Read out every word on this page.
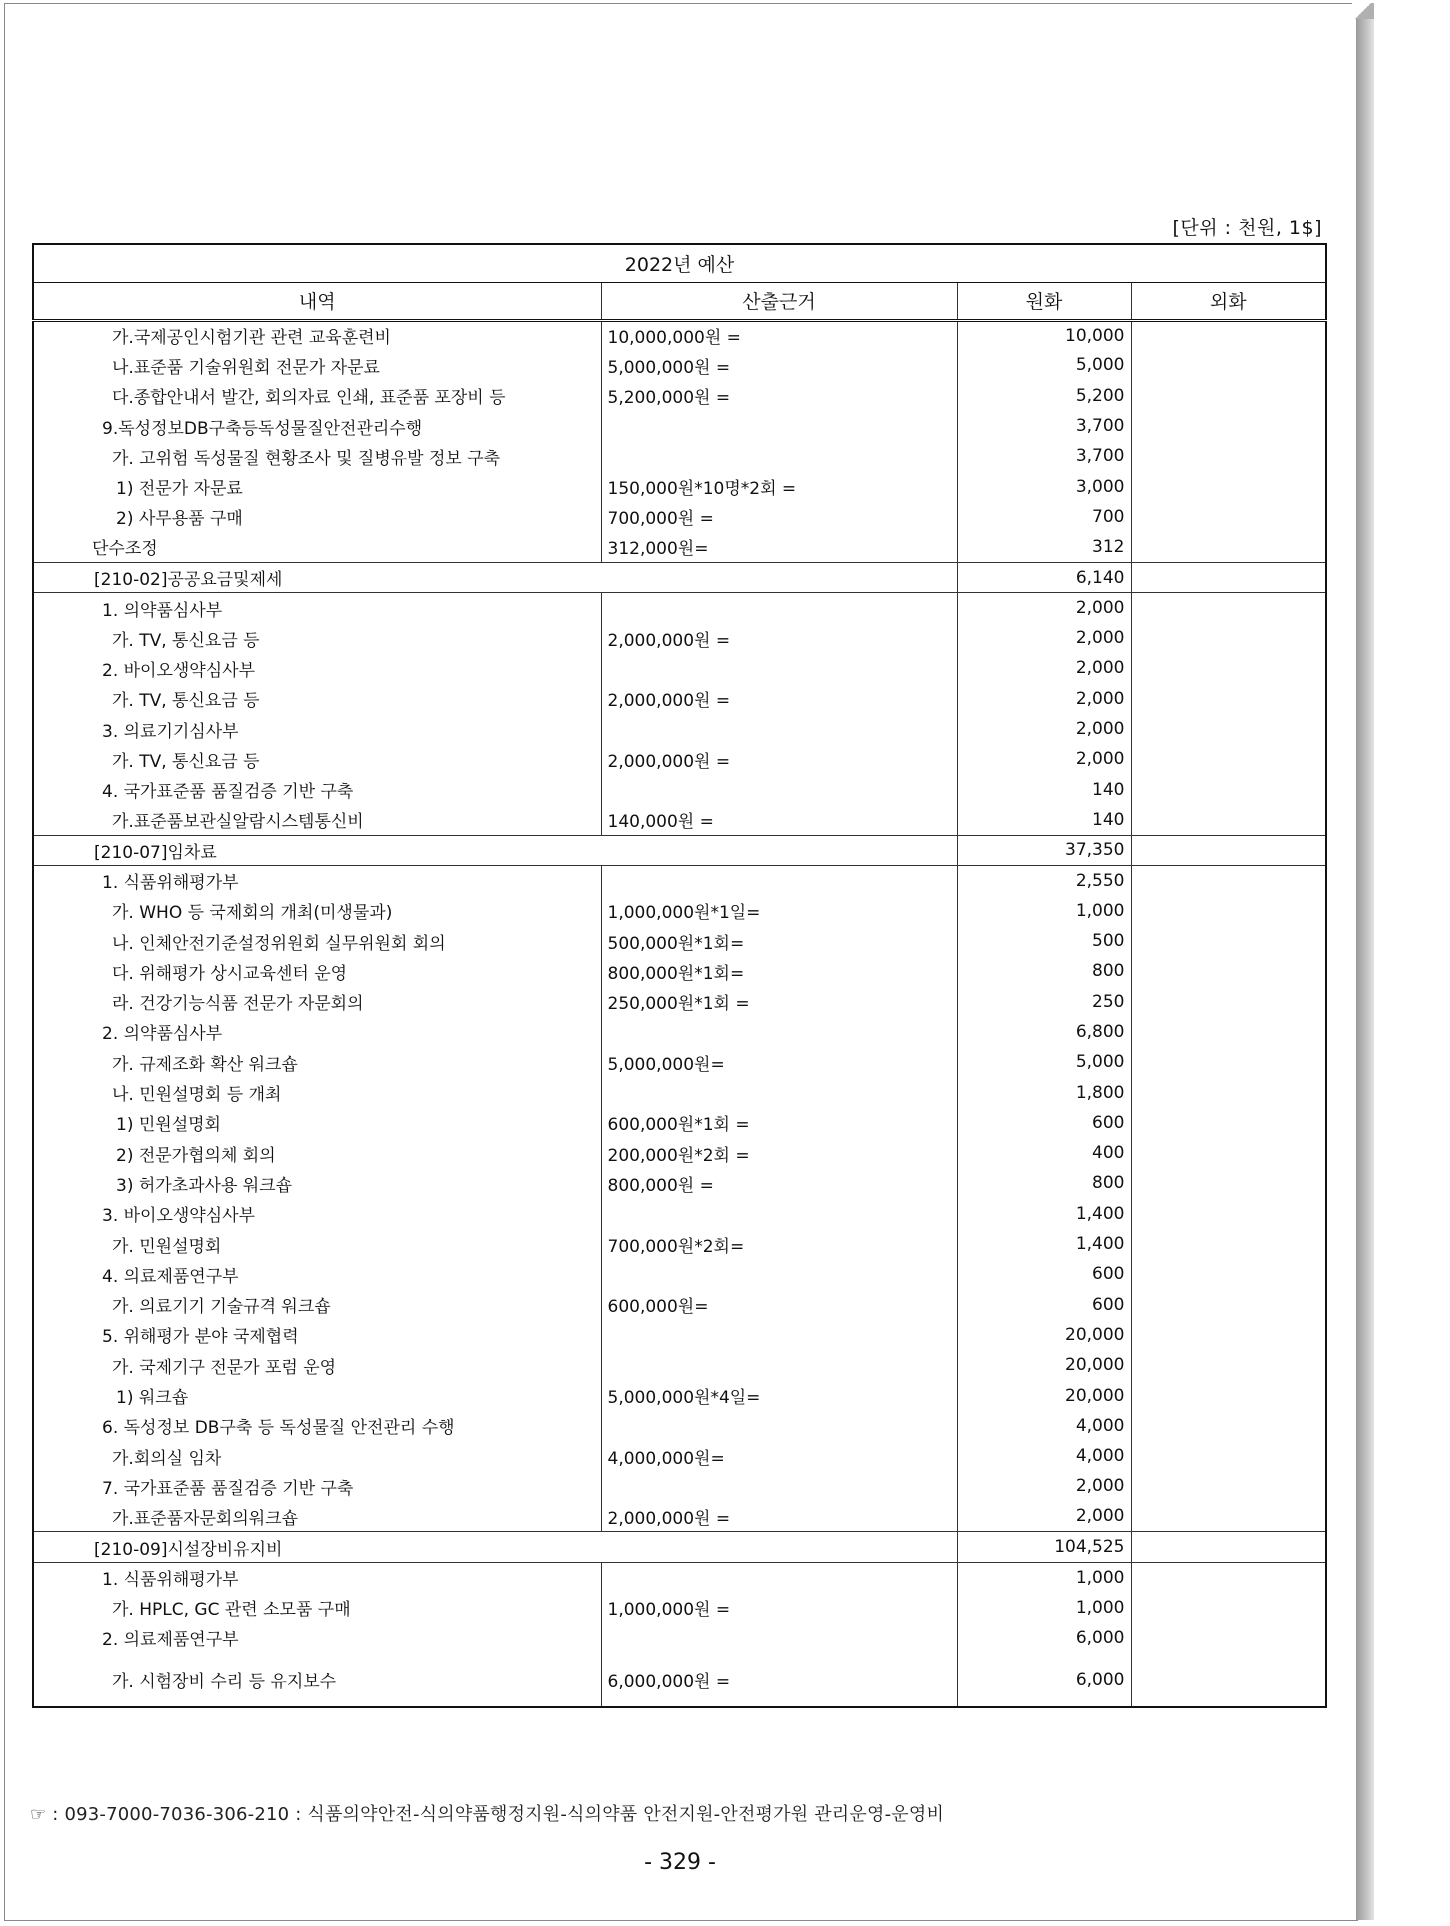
[단위 : 천원, 1$]
2022년 예산			
내역	산출근거	원화	외화
가.국제공인시험기관 관련 교육훈련비	10,000,000원 =	10,000	
나.표준품 기술위원회 전문가 자문료	5,000,000원 =	5,000	
다.종합안내서 발간, 회의자료 인쇄, 표준품 포장비 등	5,200,000원 =	5,200	
9.독성정보DB구축등독성물질안전관리수행		3,700	
가. 고위험 독성물질 현황조사 및 질병유발 정보 구축		3,700	
1) 전문가 자문료	150,000원*10명*2회 =	3,000	
2) 사무용품 구매	700,000원 =	700	
단수조정	312,000원=	312	
[210-02]공공요금및제세		6,140	
1. 의약품심사부		2,000	
가. TV, 통신요금 등	2,000,000원 =	2,000	
2. 바이오생약심사부		2,000	
가. TV, 통신요금 등	2,000,000원 =	2,000	
3. 의료기기심사부		2,000	
가. TV, 통신요금 등	2,000,000원 =	2,000	
4. 국가표준품 품질검증 기반 구축		140	
가.표준품보관실알람시스템통신비	140,000원 =	140	
[210-07]임차료		37,350	
1. 식품위해평가부		2,550	
가. WHO 등 국제회의 개최(미생물과)	1,000,000원*1일=	1,000	
나. 인체안전기준설정위원회 실무위원회 회의	500,000원*1회=	500	
다. 위해평가 상시교육센터 운영	800,000원*1회=	800	
라. 건강기능식품 전문가 자문회의	250,000원*1회 =	250	
2. 의약품심사부		6,800	
가. 규제조화 확산 워크숍	5,000,000원=	5,000	
나. 민원설명회 등 개최		1,800	
1) 민원설명회	600,000원*1회 =	600	
2) 전문가협의체 회의	200,000원*2회 =	400	
3) 허가초과사용 워크숍	800,000원 =	800	
3. 바이오생약심사부		1,400	
가. 민원설명회	700,000원*2회=	1,400	
4. 의료제품연구부		600	
가. 의료기기 기술규격 워크숍	600,000원=	600	
5. 위해평가 분야 국제협력		20,000	
가. 국제기구 전문가 포럼 운영		20,000	
1) 워크숍	5,000,000원*4일=	20,000	
6. 독성정보 DB구축 등 독성물질 안전관리 수행		4,000	
가.회의실 임차	4,000,000원=	4,000	
7. 국가표준품 품질검증 기반 구축		2,000	
가.표준품자문회의워크숍	2,000,000원 =	2,000	
[210-09]시설장비유지비		104,525	
1. 식품위해평가부		1,000	
가. HPLC, GC 관련 소모품 구매	1,000,000원 =	1,000	
2. 의료제품연구부		6,000	
가. 시험장비 수리 등 유지보수	6,000,000원 =	6,000	
☞ : 093-7000-7036-306-210 : 식품의약안전-식의약품행정지원-식의약품 안전지원-안전평가원 관리운영-운영비
- 329 -
